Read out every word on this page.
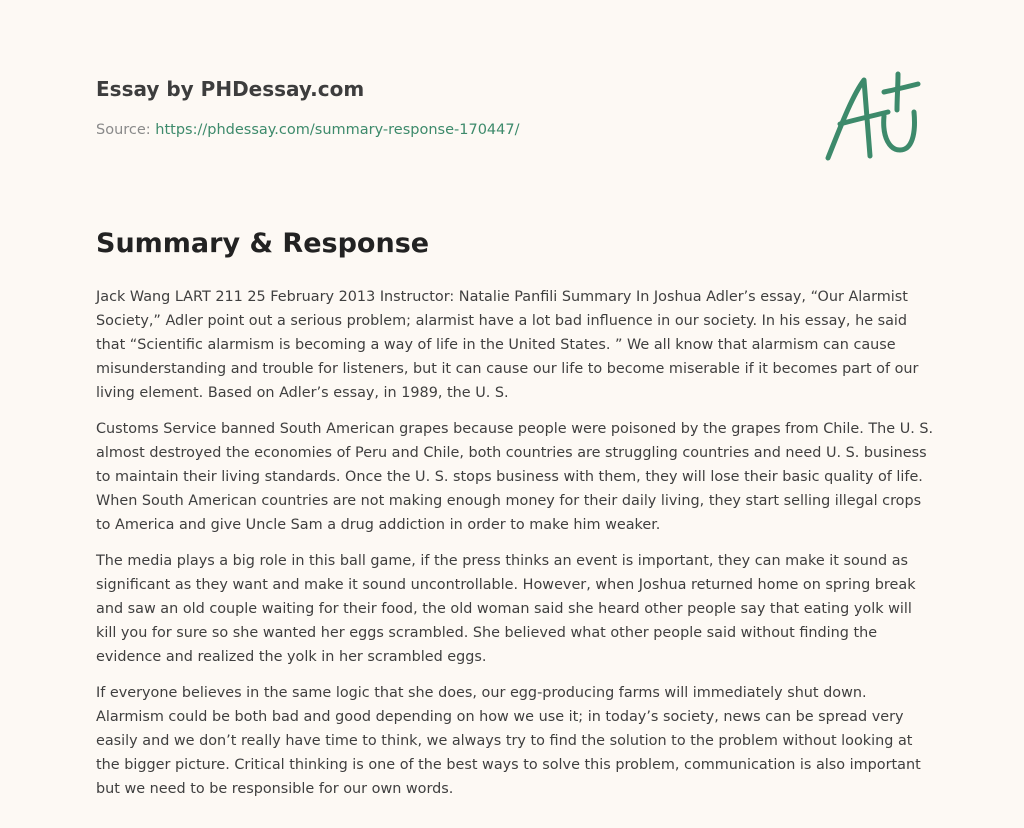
Essay by PHDessay.com
Source: https://phdessay.com/summary-response-170447/
Summary & Response

Jack Wang LART 211 25 February 2013 Instructor: Natalie Panfili Summary In Joshua Adler’s essay, “Our Alarmist Society,” Adler point out a serious problem; alarmist have a lot bad influence in our society. In his essay, he said that “Scientific alarmism is becoming a way of life in the United States. ” We all know that alarmism can cause misunderstanding and trouble for listeners, but it can cause our life to become miserable if it becomes part of our living element. Based on Adler’s essay, in 1989, the U. S.

Customs Service banned South American grapes because people were poisoned by the grapes from Chile. The U. S. almost destroyed the economies of Peru and Chile, both countries are struggling countries and need U. S. business to maintain their living standards. Once the U. S. stops business with them, they will lose their basic quality of life. When South American countries are not making enough money for their daily living, they start selling illegal crops to America and give Uncle Sam a drug addiction in order to make him weaker.

The media plays a big role in this ball game, if the press thinks an event is important, they can make it sound as significant as they want and make it sound uncontrollable. However, when Joshua returned home on spring break and saw an old couple waiting for their food, the old woman said she heard other people say that eating yolk will kill you for sure so she wanted her eggs scrambled. She believed what other people said without finding the evidence and realized the yolk in her scrambled eggs.

If everyone believes in the same logic that she does, our egg-producing farms will immediately shut down. Alarmism could be both bad and good depending on how we use it; in today’s society, news can be spread very easily and we don’t really have time to think, we always try to find the solution to the problem without looking at the bigger picture. Critical thinking is one of the best ways to solve this problem, communication is also important but we need to be responsible for our own words.
